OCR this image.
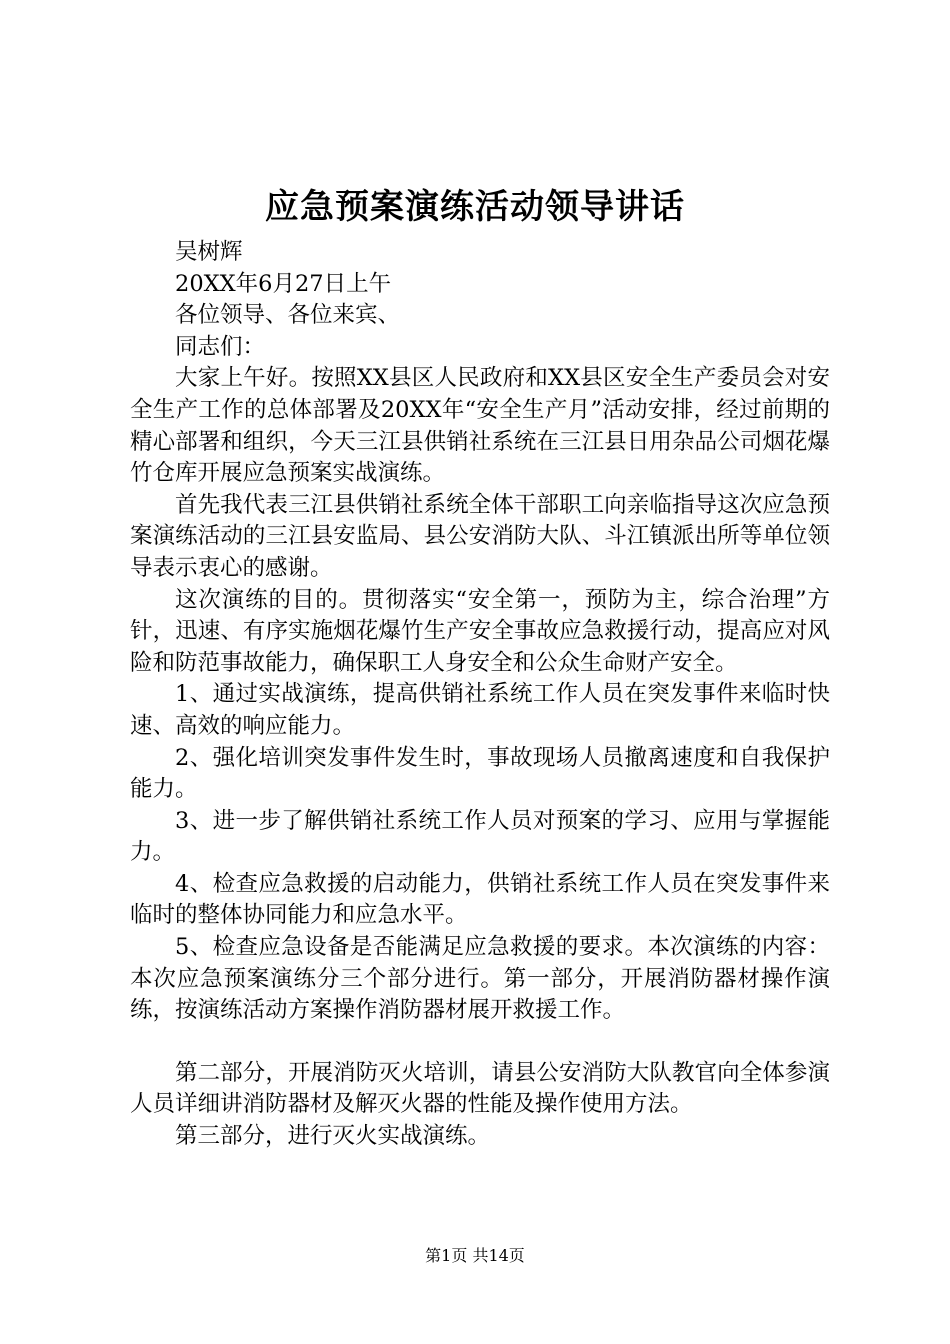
应急预案演练活动领导讲话

吴树辉

20XX年6月27日上午

各位领导、各位来宾、

同志们：

大家上午好。按照XX县区人民政府和XX县区安全生产委员会对安全生产工作的总体部署及20XX年“安全生产月”活动安排，经过前期的精心部署和组织，今天三江县供销社系统在三江县日用杂品公司烟花爆竹仓库开展应急预案实战演练。

首先我代表三江县供销社系统全体干部职工向亲临指导这次应急预案演练活动的三江县安监局、县公安消防大队、斗江镇派出所等单位领导表示衷心的感谢。

这次演练的目的。贯彻落实“安全第一，预防为主，综合治理”方针，迅速、有序实施烟花爆竹生产安全事故应急救援行动，提高应对风险和防范事故能力，确保职工人身安全和公众生命财产安全。

1、通过实战演练，提高供销社系统工作人员在突发事件来临时快速、高效的响应能力。

2、强化培训突发事件发生时，事故现场人员撤离速度和自我保护能力。

3、进一步了解供销社系统工作人员对预案的学习、应用与掌握能力。

4、检查应急救援的启动能力，供销社系统工作人员在突发事件来临时的整体协同能力和应急水平。

5、检查应急设备是否能满足应急救援的要求。本次演练的内容：本次应急预案演练分三个部分进行。第一部分，开展消防器材操作演练，按演练活动方案操作消防器材展开救援工作。

第二部分，开展消防灭火培训，请县公安消防大队教官向全体参演人员详细讲消防器材及解灭火器的性能及操作使用方法。

第三部分，进行灭火实战演练。

第1页 共14页
